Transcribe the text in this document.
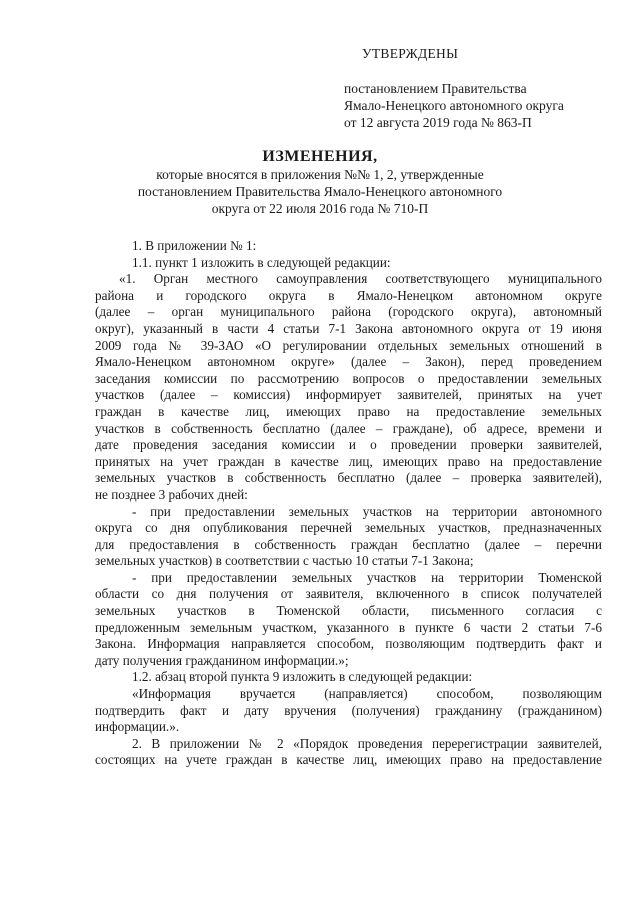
УТВЕРЖДЕНЫ
постановлением Правительства
Ямало-Ненецкого автономного округа
от 12 августа 2019 года № 863-П
ИЗМЕНЕНИЯ,
которые вносятся в приложения №№ 1, 2, утвержденные
постановлением Правительства Ямало-Ненецкого автономного
округа от 22 июля 2016 года № 710-П
1. В приложении № 1:
1.1. пункт 1 изложить в следующей редакции:
«1. Орган местного самоуправления соответствующего муниципального
района и городского округа в Ямало-Ненецком автономном округе
(далее – орган муниципального района (городского округа), автономный
округ), указанный в части 4 статьи 7-1 Закона автономного округа от 19 июня
2009 года № 39-ЗАО «О регулировании отдельных земельных отношений в
Ямало-Ненецком автономном округе» (далее – Закон), перед проведением
заседания комиссии по рассмотрению вопросов о предоставлении земельных
участков (далее – комиссия) информирует заявителей, принятых на учет
граждан в качестве лиц, имеющих право на предоставление земельных
участков в собственность бесплатно (далее – граждане), об адресе, времени и
дате проведения заседания комиссии и о проведении проверки заявителей,
принятых на учет граждан в качестве лиц, имеющих право на предоставление
земельных участков в собственность бесплатно (далее – проверка заявителей),
не позднее 3 рабочих дней:
- при предоставлении земельных участков на территории автономного
округа со дня опубликования перечней земельных участков, предназначенных
для предоставления в собственность граждан бесплатно (далее – перечни
земельных участков) в соответствии с частью 10 статьи 7-1 Закона;
- при предоставлении земельных участков на территории Тюменской
области со дня получения от заявителя, включенного в список получателей
земельных участков в Тюменской области, письменного согласия с
предложенным земельным участком, указанного в пункте 6 части 2 статьи 7-6
Закона. Информация направляется способом, позволяющим подтвердить факт и
дату получения гражданином информации.»;
1.2. абзац второй пункта 9 изложить в следующей редакции:
«Информация вручается (направляется) способом, позволяющим
подтвердить факт и дату вручения (получения) гражданину (гражданином)
информации.».
2. В приложении № 2 «Порядок проведения перерегистрации заявителей,
состоящих на учете граждан в качестве лиц, имеющих право на предоставление
